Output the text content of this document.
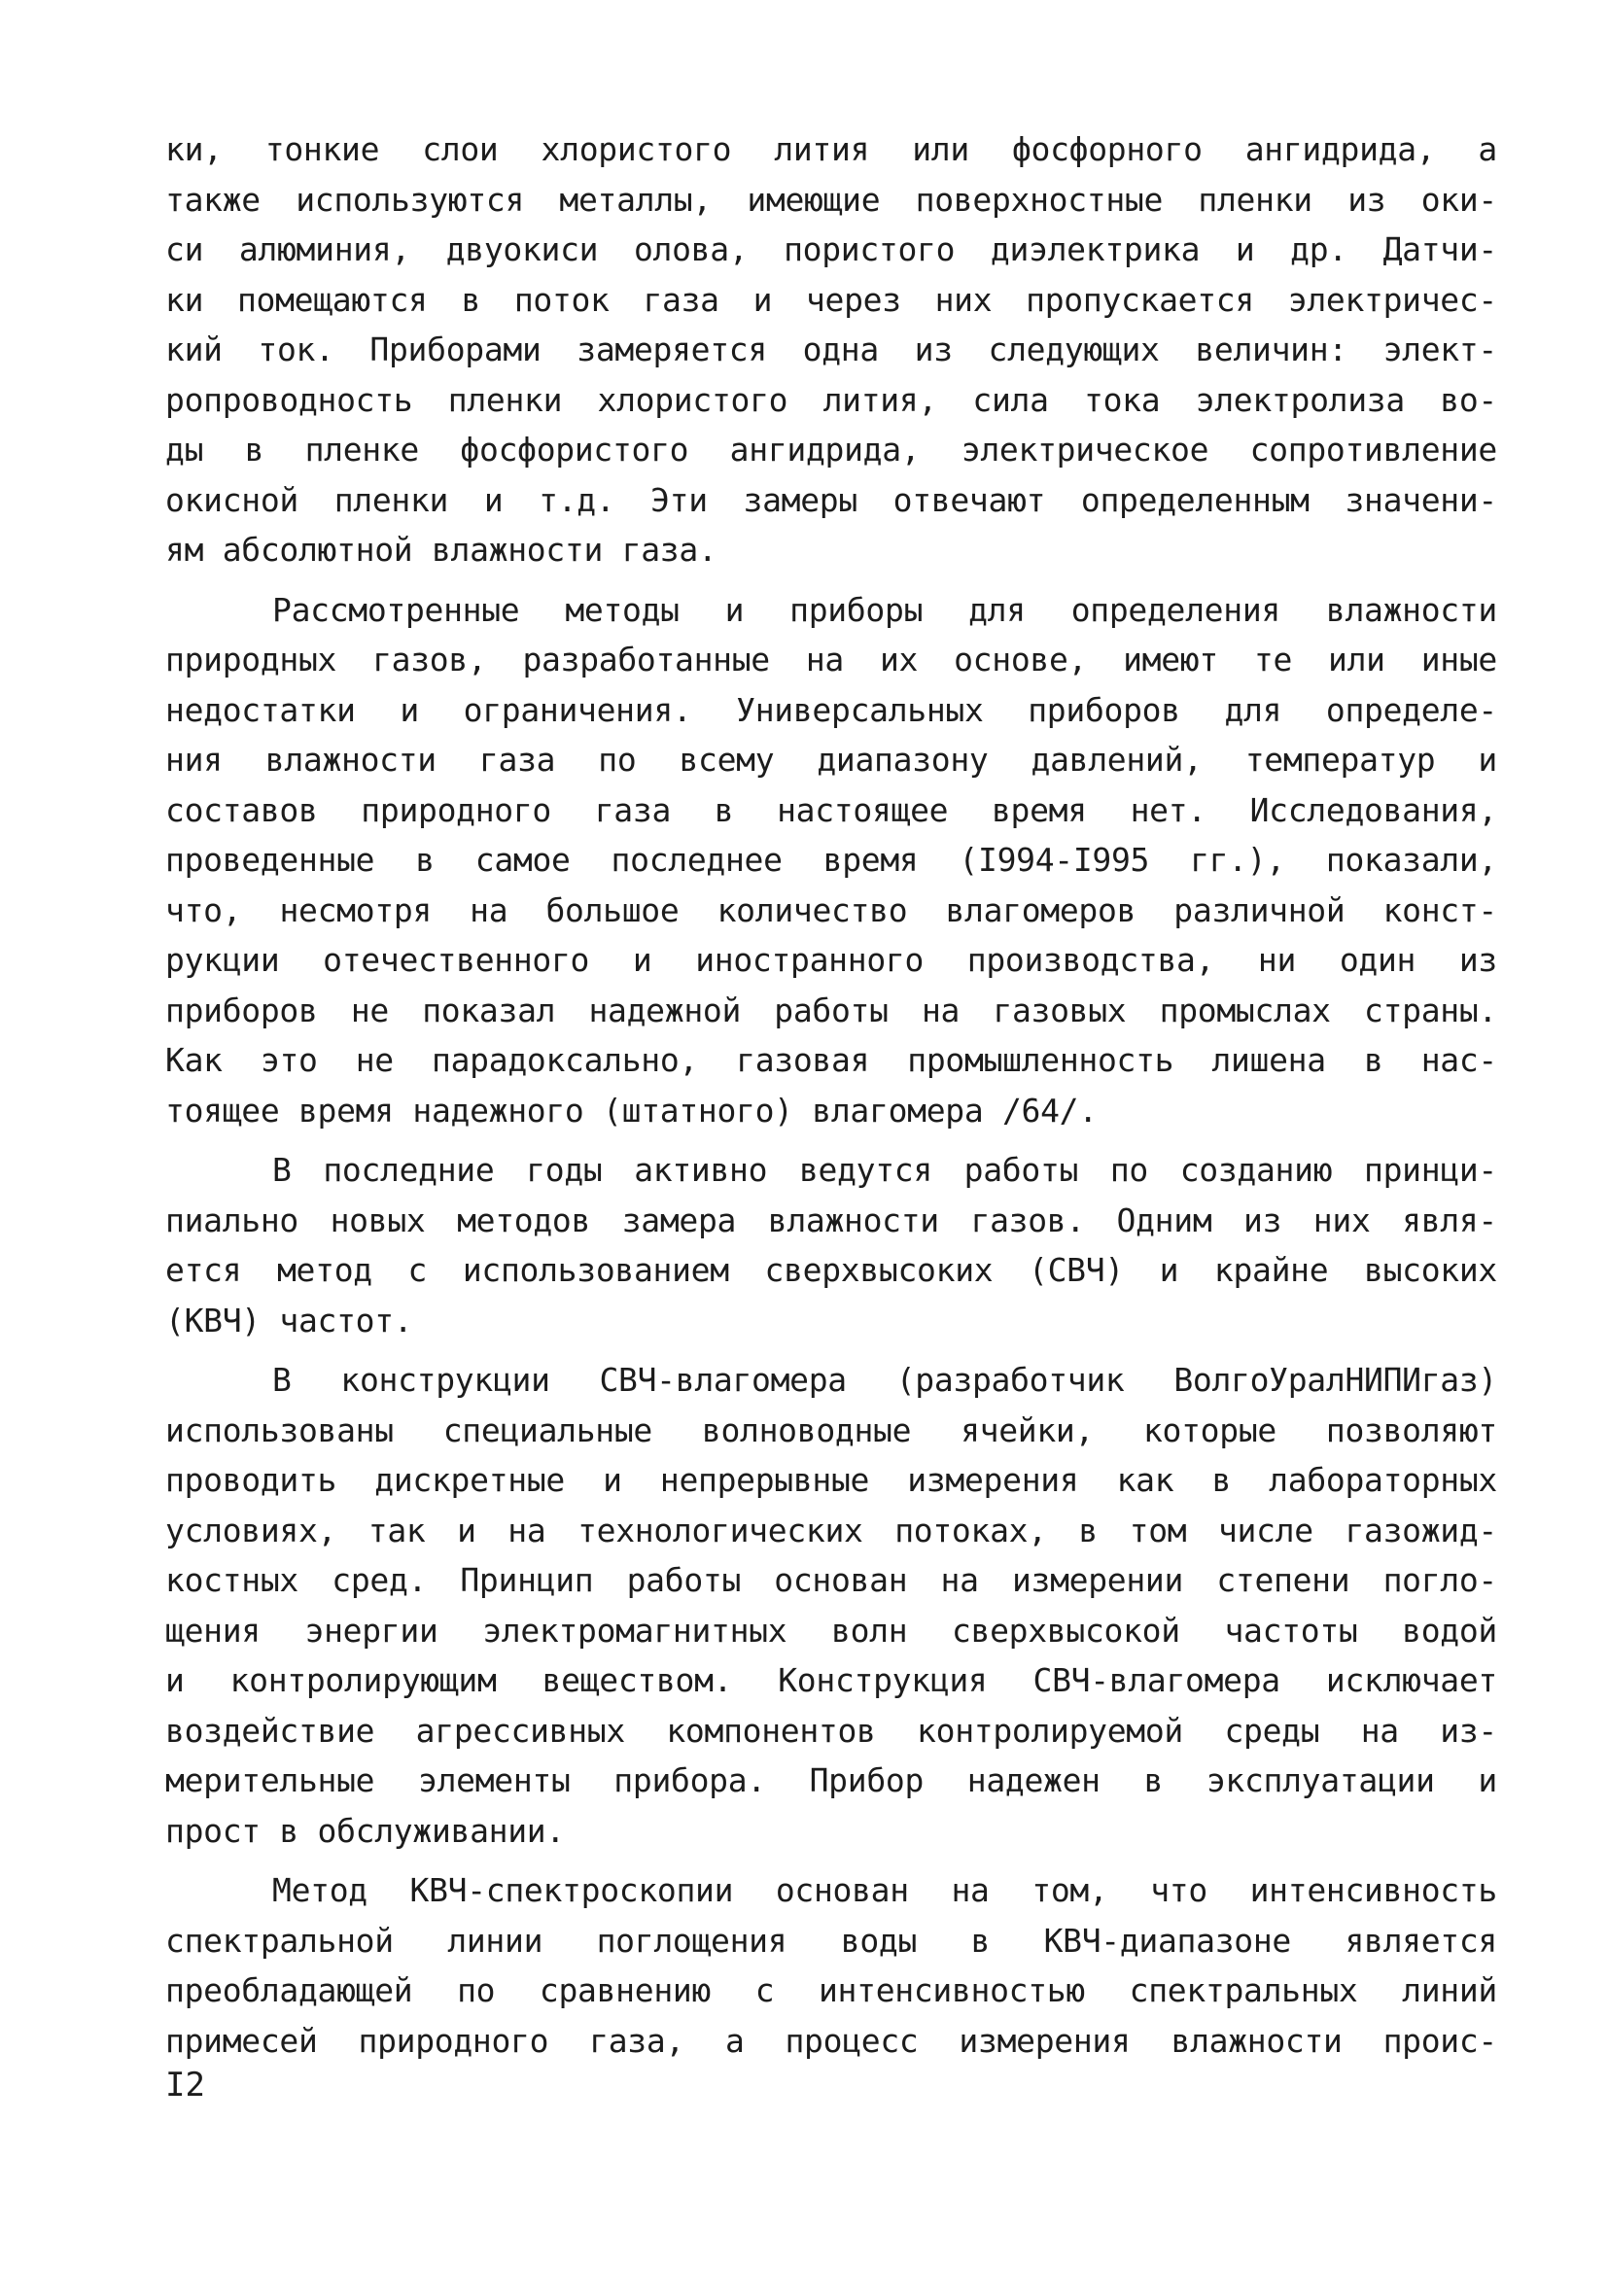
ки, тонкие слои хлористого лития или фосфорного ангидрида, а
также используются металлы, имеющие поверхностные пленки из оки-
си алюминия, двуокиси олова, пористого диэлектрика и др. Датчи-
ки помещаются в поток газа и через них пропускается электричес-
кий ток. Приборами замеряется одна из следующих величин: элект-
ропроводность пленки хлористого лития, сила тока электролиза во-
ды в пленке фосфористого ангидрида, электрическое сопротивление
окисной пленки и т.д. Эти замеры отвечают определенным значени-
ям абсолютной влажности газа.
Рассмотренные методы и приборы для определения влажности
природных газов, разработанные на их основе, имеют те или иные
недостатки и ограничения. Универсальных приборов для определе-
ния влажности газа по всему диапазону давлений, температур и
составов природного газа в настоящее время нет. Исследования,
проведенные в самое последнее время (I994-I995 гг.), показали,
что, несмотря на большое количество влагомеров различной конст-
рукции отечественного и иностранного производства, ни один из
приборов не показал надежной работы на газовых промыслах страны.
Как это не парадоксально, газовая промышленность лишена в нас-
тоящее время надежного (штатного) влагомера /64/.
В последние годы активно ведутся работы по созданию принци-
пиально новых методов замера влажности газов. Одним из них явля-
ется метод с использованием сверхвысоких (СВЧ) и крайне высоких
(КВЧ) частот.
В конструкции СВЧ-влагомера (разработчик ВолгоУралНИПИгаз)
использованы специальные волноводные ячейки, которые позволяют
проводить дискретные и непрерывные измерения как в лабораторных
условиях, так и на технологических потоках, в том числе газожид-
костных сред. Принцип работы основан на измерении степени погло-
щения энергии электромагнитных волн сверхвысокой частоты водой
и контролирующим веществом. Конструкция СВЧ-влагомера исключает
воздействие агрессивных компонентов контролируемой среды на из-
мерительные элементы прибора. Прибор надежен в эксплуатации и
прост в обслуживании.
Метод КВЧ-спектроскопии основан на том, что интенсивность
спектральной линии поглощения воды в КВЧ-диапазоне является
преобладающей по сравнению с интенсивностью спектральных линий
примесей природного газа, а процесс измерения влажности проис-
I2
